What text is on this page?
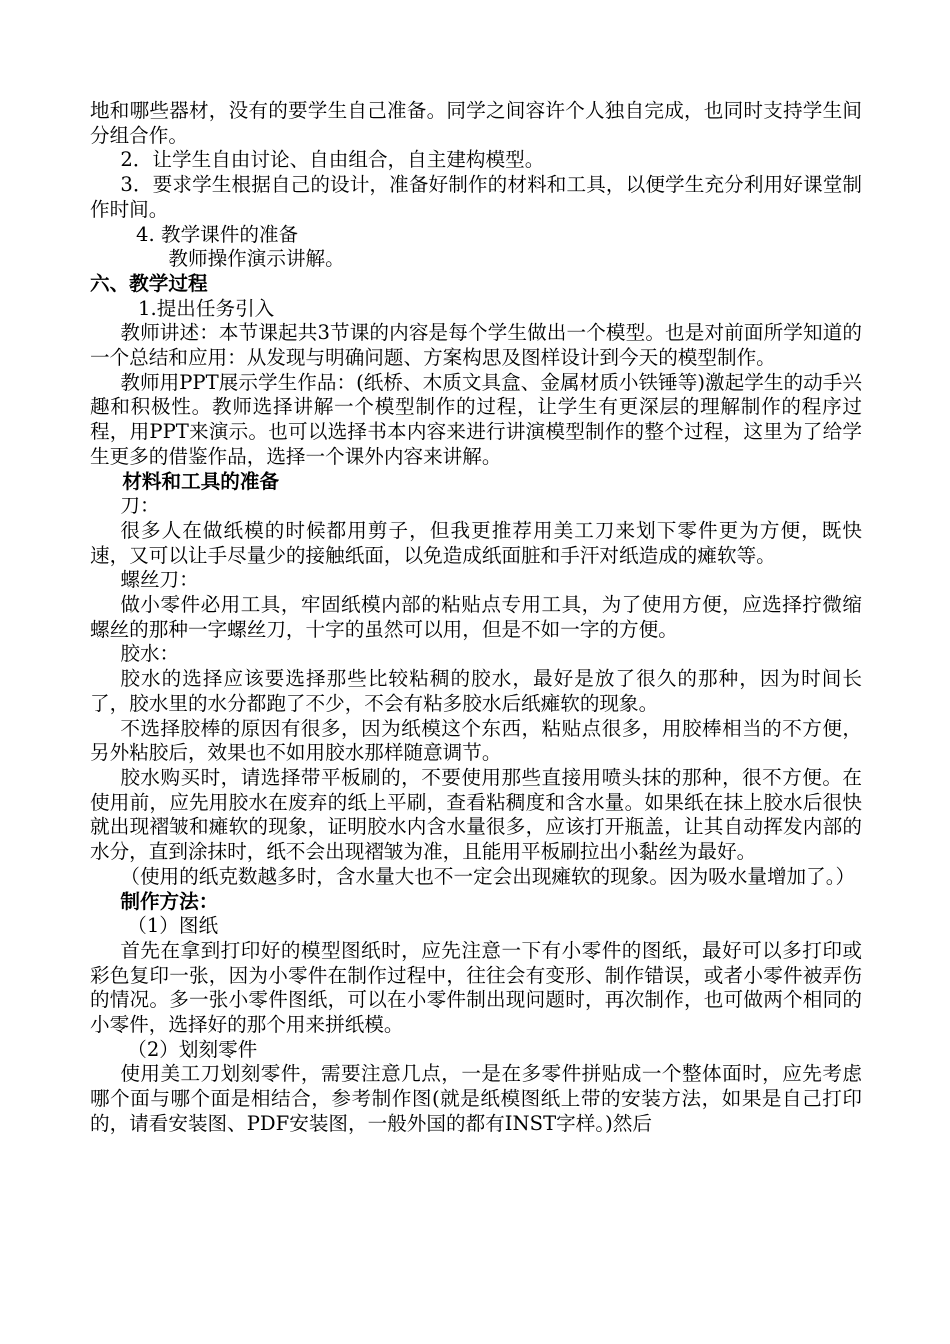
地和哪些器材，没有的要学生自己准备。同学之间容许个人独自完成，也同时支持学生间分组合作。

2．让学生自由讨论、自由组合，自主建构模型。

3．要求学生根据自己的设计，准备好制作的材料和工具，以便学生充分利用好课堂制作时间。

4. 教学课件的准备

教师操作演示讲解。

六、教学过程

1.提出任务引入

教师讲述：本节课起共3节课的内容是每个学生做出一个模型。也是对前面所学知道的一个总结和应用：从发现与明确问题、方案构思及图样设计到今天的模型制作。

教师用PPT展示学生作品：(纸桥、木质文具盒、金属材质小铁锤等)激起学生的动手兴趣和积极性。教师选择讲解一个模型制作的过程，让学生有更深层的理解制作的程序过程，用PPT来演示。也可以选择书本内容来进行讲演模型制作的整个过程，这里为了给学生更多的借鉴作品，选择一个课外内容来讲解。

材料和工具的准备

刀：

很多人在做纸模的时候都用剪子，但我更推荐用美工刀来划下零件更为方便，既快速，又可以让手尽量少的接触纸面，以免造成纸面脏和手汗对纸造成的瘫软等。

螺丝刀：

做小零件必用工具，牢固纸模内部的粘贴点专用工具，为了使用方便，应选择拧微缩螺丝的那种一字螺丝刀，十字的虽然可以用，但是不如一字的方便。

胶水：

胶水的选择应该要选择那些比较粘稠的胶水，最好是放了很久的那种，因为时间长了，胶水里的水分都跑了不少，不会有粘多胶水后纸瘫软的现象。

不选择胶棒的原因有很多，因为纸模这个东西，粘贴点很多，用胶棒相当的不方便，另外粘胶后，效果也不如用胶水那样随意调节。

胶水购买时，请选择带平板刷的，不要使用那些直接用喷头抹的那种，很不方便。在使用前，应先用胶水在废弃的纸上平刷，查看粘稠度和含水量。如果纸在抹上胶水后很快就出现褶皱和瘫软的现象，证明胶水内含水量很多，应该打开瓶盖，让其自动挥发内部的水分，直到涂抹时，纸不会出现褶皱为准，且能用平板刷拉出小黏丝为最好。

（使用的纸克数越多时，含水量大也不一定会出现瘫软的现象。因为吸水量增加了。）

制作方法：

（1）图纸

首先在拿到打印好的模型图纸时，应先注意一下有小零件的图纸，最好可以多打印或彩色复印一张，因为小零件在制作过程中，往往会有变形、制作错误，或者小零件被弄伤的情况。多一张小零件图纸，可以在小零件制出现问题时，再次制作，也可做两个相同的小零件，选择好的那个用来拼纸模。

（2）划刻零件

使用美工刀划刻零件，需要注意几点，一是在多零件拼贴成一个整体面时，应先考虑哪个面与哪个面是相结合，参考制作图(就是纸模图纸上带的安装方法，如果是自己打印的，请看安装图、PDF安装图，一般外国的都有INST字样。)然后
